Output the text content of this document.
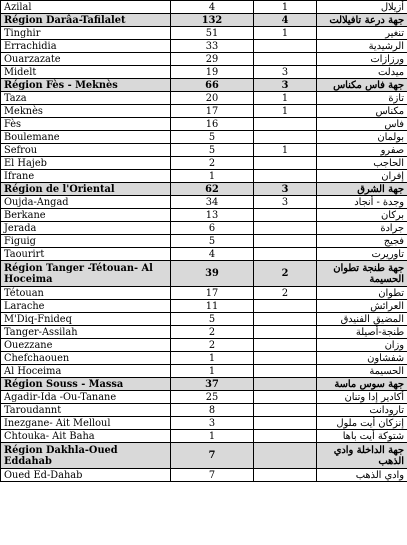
Azilal	4	1	أزيلال
Région Darâa-Tafilalet	132	4	جهة درعة تافيلالت
Tinghir	51	1	تنغير
Errachidia	33		الرشيدية
Ouarzazate	29		ورزازات
Midelt	19	3	ميدلت
Région Fès - Meknès	66	3	جهة فاس مكناس
Taza	20	1	تازة
Meknès	17	1	مكناس
Fès	16		فاس
Boulemane	5		بولمان
Sefrou	5	1	صفرو
El Hajeb	2		الحاجب
Ifrane	1		إفران
Région de l'Oriental	62	3	جهة الشرق
Oujda-Angad	34	3	وجدة - أنجاد
Berkane	13		بركان
Jerada	6		جرادة
Figuig	5		فجيج
Taourirt	4		تاوريرت
Région Tanger -Tétouan- Al Hoceima	39	2	جهة طنجة تطوان الحسيمة
Tétouan	17	2	تطوان
Larache	11		العرائش
M'Diq-Fnideq	5		المضيق الفنيدق
Tanger-Assilah	2		طنجة-أصيلة
Ouezzane	2		وزان
Chefchaouen	1		شفشاون
Al Hoceima	1		الحسيمة
Région Souss - Massa	37		جهة سوس ماسة
Agadir-Ida -Ou-Tanane	25		أكادير إدا وتنان
Taroudannt	8		تارودانت
Inezgane- Ait Melloul	3		إنزكان أيت ملول
Chtouka- Ait Baha	1		شتوكة أيت باها
Région Dakhla-Oued Eddahab	7		جهة الداخلة وادي الذهب
Oued Ed-Dahab	7		وادي الذهب
